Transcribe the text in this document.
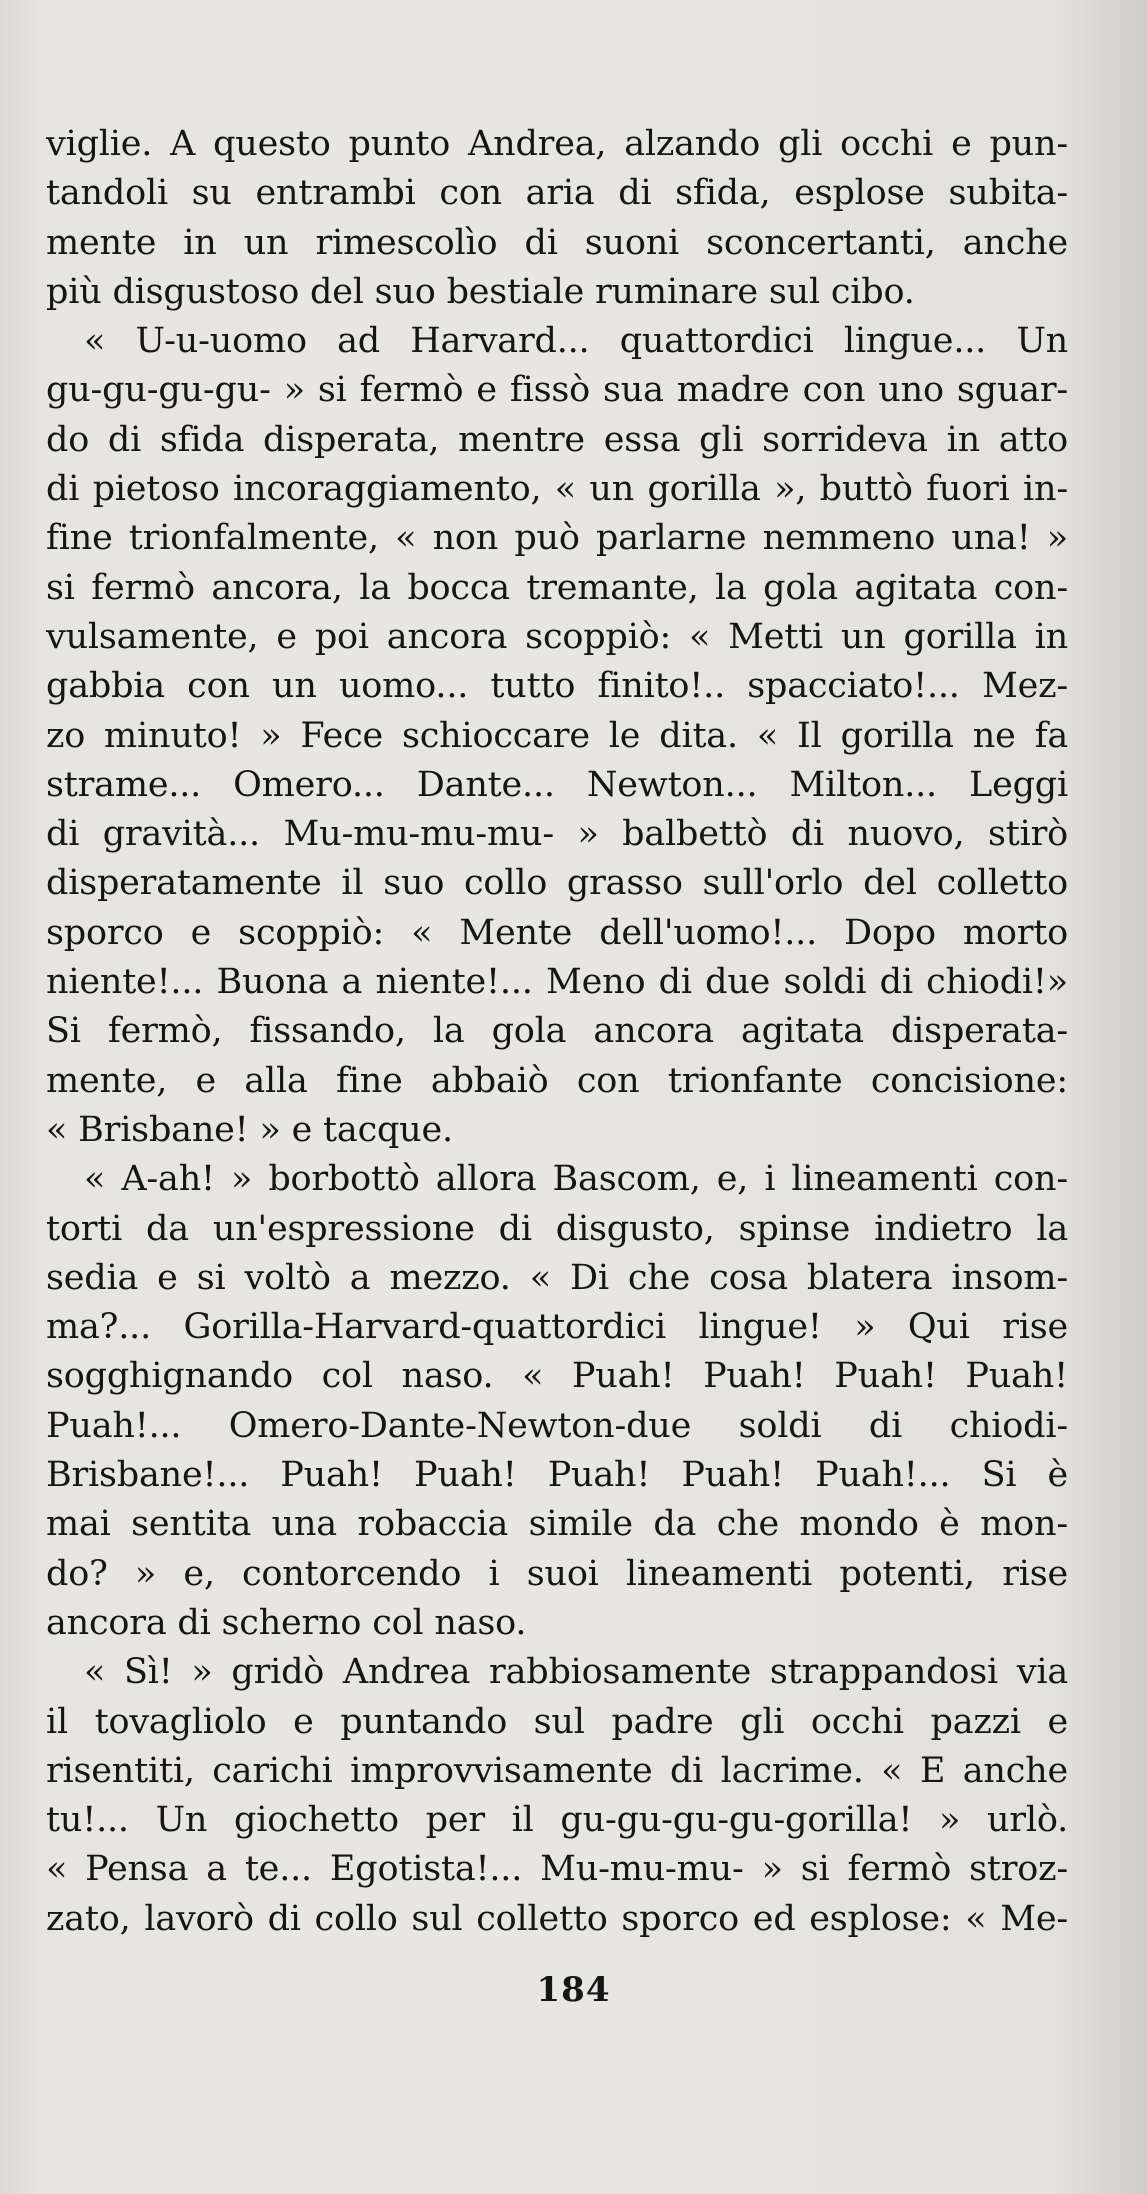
viglie. A questo punto Andrea, alzando gli occhi e pun-
tandoli su entrambi con aria di sfida, esplose subita-
mente in un rimescolìo di suoni sconcertanti, anche
più disgustoso del suo bestiale ruminare sul cibo.
« U-u-uomo ad Harvard... quattordici lingue... Un
gu-gu-gu-gu- » si fermò e fissò sua madre con uno sguar-
do di sfida disperata, mentre essa gli sorrideva in atto
di pietoso incoraggiamento, « un gorilla », buttò fuori in-
fine trionfalmente, « non può parlarne nemmeno una! »
si fermò ancora, la bocca tremante, la gola agitata con-
vulsamente, e poi ancora scoppiò: « Metti un gorilla in
gabbia con un uomo... tutto finito!.. spacciato!... Mez-
zo minuto! » Fece schioccare le dita. « Il gorilla ne fa
strame... Omero... Dante... Newton... Milton... Leggi
di gravità... Mu-mu-mu-mu- » balbettò di nuovo, stirò
disperatamente il suo collo grasso sull'orlo del colletto
sporco e scoppiò: « Mente dell'uomo!... Dopo morto
niente!... Buona a niente!... Meno di due soldi di chiodi!»
Si fermò, fissando, la gola ancora agitata disperata-
mente, e alla fine abbaiò con trionfante concisione:
« Brisbane! » e tacque.
« A-ah! » borbottò allora Bascom, e, i lineamenti con-
torti da un'espressione di disgusto, spinse indietro la
sedia e si voltò a mezzo. « Di che cosa blatera insom-
ma?... Gorilla-Harvard-quattordici lingue! » Qui rise
sogghignando col naso. « Puah! Puah! Puah! Puah!
Puah!... Omero-Dante-Newton-due soldi di chiodi-
Brisbane!... Puah! Puah! Puah! Puah! Puah!... Si è
mai sentita una robaccia simile da che mondo è mon-
do? » e, contorcendo i suoi lineamenti potenti, rise
ancora di scherno col naso.
« Sì! » gridò Andrea rabbiosamente strappandosi via
il tovagliolo e puntando sul padre gli occhi pazzi e
risentiti, carichi improvvisamente di lacrime. « E anche
tu!... Un giochetto per il gu-gu-gu-gu-gorilla! » urlò.
« Pensa a te... Egotista!... Mu-mu-mu- » si fermò stroz-
zato, lavorò di collo sul colletto sporco ed esplose: « Me-
184
